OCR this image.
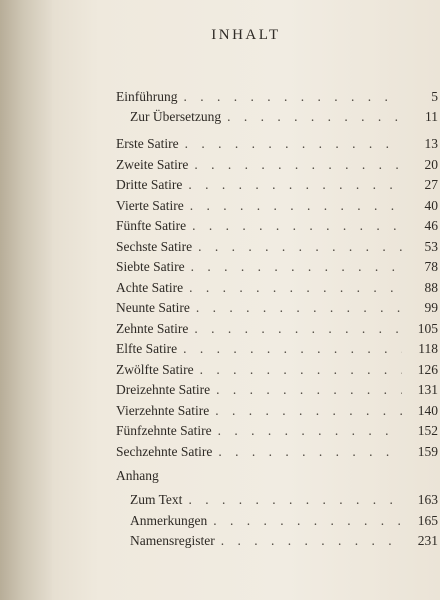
INHALT
Einführung . . .	5
Zur Übersetzung . . .	11
Erste Satire . . .	13
Zweite Satire . . .	20
Dritte Satire . . .	27
Vierte Satire . . .	40
Fünfte Satire . . .	46
Sechste Satire . . .	53
Siebte Satire . . .	78
Achte Satire . . .	88
Neunte Satire . . .	99
Zehnte Satire . . .	105
Elfte Satire . . .	118
Zwölfte Satire . . .	126
Dreizehnte Satire . . .	131
Vierzehnte Satire . . .	140
Fünfzehnte Satire . . .	152
Sechzehnte Satire . . .	159
Anhang
Zum Text . . .	163
Anmerkungen . . .	165
Namensregister . . .	231
